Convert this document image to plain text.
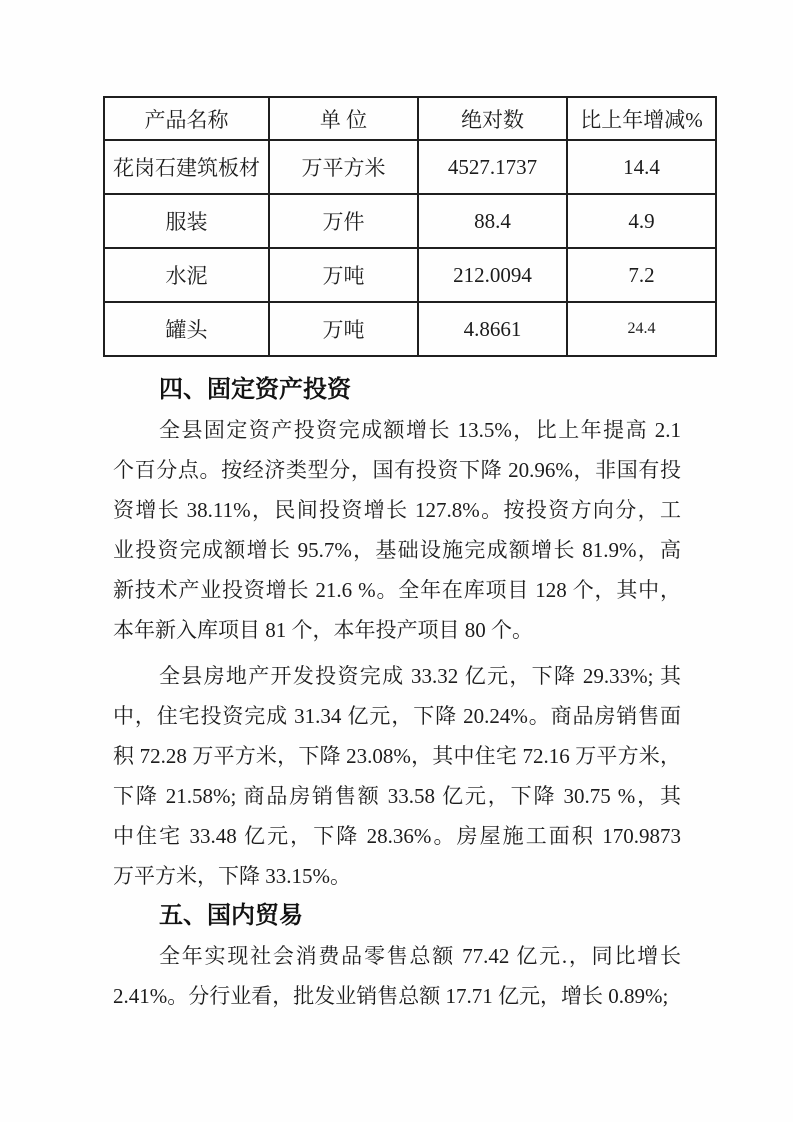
产品名称	单 位	绝对数	比上年增减%
花岗石建筑板材	万平方米	4527.1737	14.4
服装	万件	88.4	4.9
水泥	万吨	212.0094	7.2
罐头	万吨	4.8661	24.4
四、固定资产投资

全县固定资产投资完成额增长 13.5%，比上年提高 2.1
个百分点。按经济类型分，国有投资下降 20.96%，非国有投
资增长 38.11%，民间投资增长 127.8%。按投资方向分，工
业投资完成额增长 95.7%，基础设施完成额增长 81.9%，高
新技术产业投资增长 21.6 %。全年在库项目 128 个，其中，
本年新入库项目 81 个，本年投产项目 80 个。

全县房地产开发投资完成 33.32 亿元，下降 29.33%; 其
中，住宅投资完成 31.34 亿元，下降 20.24%。商品房销售面
积 72.28 万平方米，下降 23.08%，其中住宅 72.16 万平方米，
下降 21.58%; 商品房销售额 33.58 亿元，下降 30.75 %，其
中住宅 33.48 亿元，下降 28.36%。房屋施工面积 170.9873
万平方米，下降 33.15%。

五、国内贸易

全年实现社会消费品零售总额 77.42 亿元.，同比增长
2.41%。分行业看，批发业销售总额 17.71 亿元，增长 0.89%;
